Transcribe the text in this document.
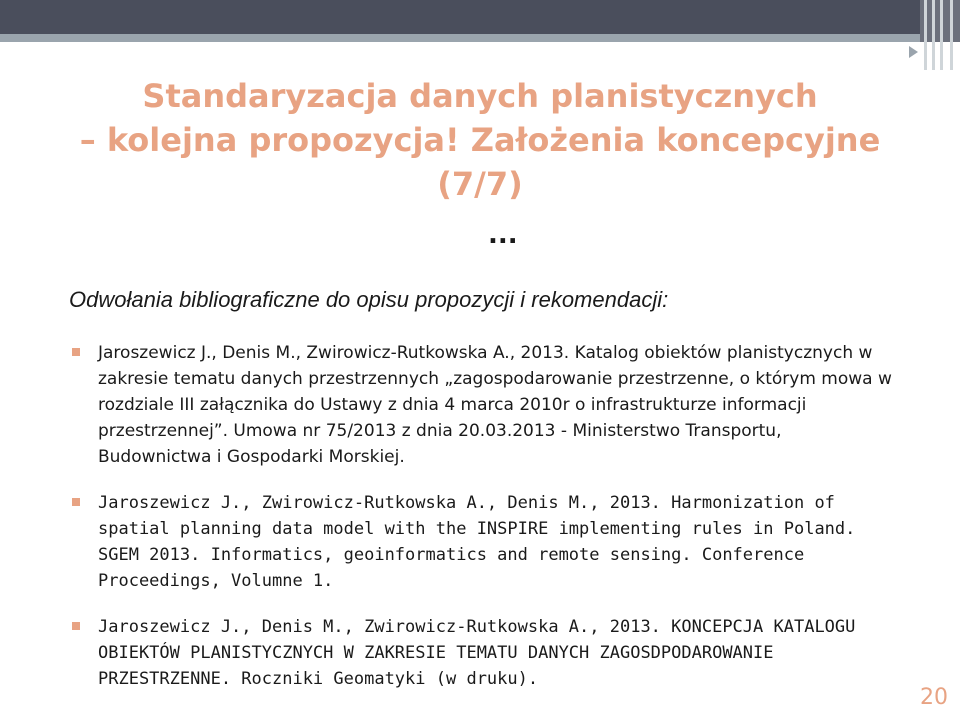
Standaryzacja danych planistycznych
– kolejna propozycja! Założenia koncepcyjne
(7/7)
...
Odwołania bibliograficzne do opisu propozycji i rekomendacji:
Jaroszewicz J., Denis M., Zwirowicz-Rutkowska A., 2013. Katalog obiektów planistycznych w zakresie tematu danych przestrzennych „zagospodarowanie przestrzenne, o którym mowa w rozdziale III załącznika do Ustawy z dnia 4 marca 2010r o infrastrukturze informacji przestrzennej”. Umowa nr 75/2013 z dnia 20.03.2013 - Ministerstwo Transportu, Budownictwa i Gospodarki Morskiej.
Jaroszewicz J., Zwirowicz-Rutkowska A., Denis M., 2013. Harmonization of spatial planning data model with the INSPIRE implementing rules in Poland. SGEM 2013. Informatics, geoinformatics and remote sensing. Conference Proceedings, Volumne 1.
Jaroszewicz J., Denis M., Zwirowicz-Rutkowska A., 2013. KONCEPCJA KATALOGU OBIEKTÓW PLANISTYCZNYCH W ZAKRESIE TEMATU DANYCH ZAGOSDPODAROWANIE PRZESTRZENNE. Roczniki Geomatyki (w druku).
20
